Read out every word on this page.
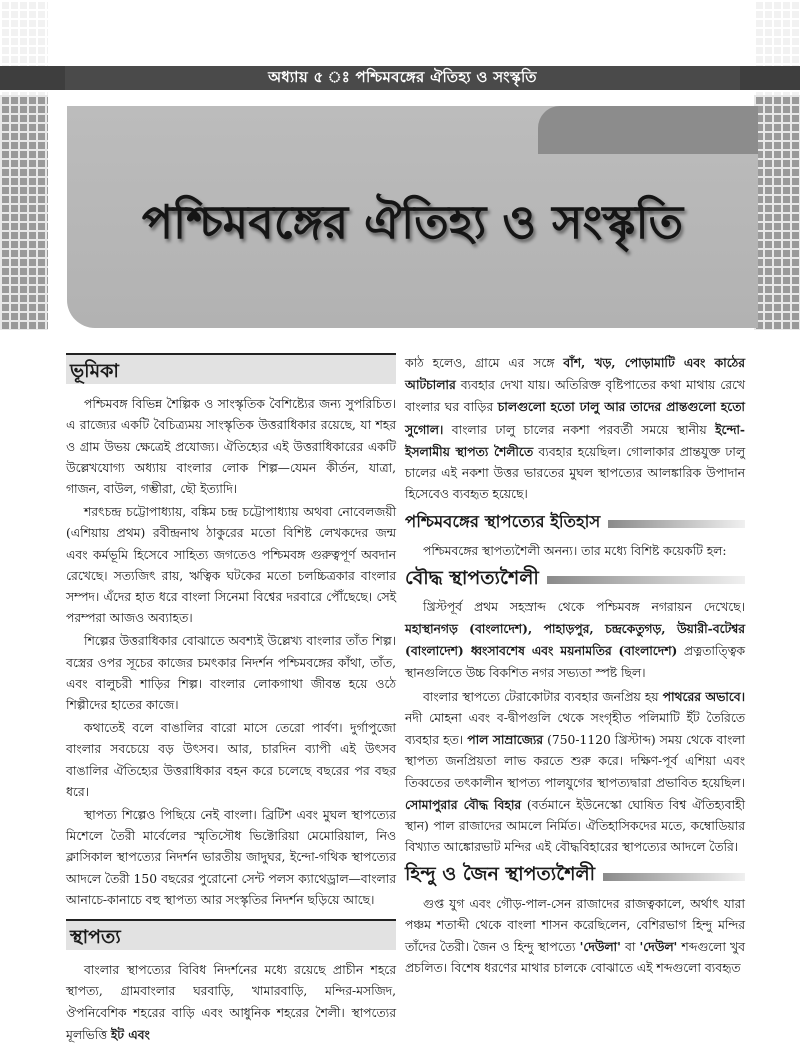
অধ্যায় ৫ ঃ পশ্চিমবঙ্গের ঐতিহ্য ও সংস্কৃতি
পশ্চিমবঙ্গের ঐতিহ্য ও সংস্কৃতি
ভূমিকা

পশ্চিমবঙ্গ বিভিন্ন শৈল্পিক ও সাংস্কৃতিক বৈশিষ্ট্যের জন্য সুপরিচিত। এ রাজ্যের একটি বৈচিত্র্যময় সাংস্কৃতিক উত্তরাধিকার রয়েছে, যা শহর ও গ্রাম উভয় ক্ষেত্রেই প্রযোজ্য। ঐতিহ্যের এই উত্তরাধিকারের একটি উল্লেখযোগ্য অধ্যায় বাংলার লোক শিল্প—যেমন কীর্তন, যাত্রা, গাজন, বাউল, গম্ভীরা, ছৌ ইত্যাদি।

শরৎচন্দ্র চট্টোপাধ্যায়, বঙ্কিম চন্দ্র চট্টোপাধ্যায় অথবা নোবেলজয়ী (এশিয়ায় প্রথম) রবীন্দ্রনাথ ঠাকুরের মতো বিশিষ্ট লেখকদের জন্ম এবং কর্মভূমি হিসেবে সাহিত্য জগতেও পশ্চিমবঙ্গ গুরুত্বপূর্ণ অবদান রেখেছে। সত্যজিৎ রায়, ঋত্বিক ঘটকের মতো চলচ্চিত্রকার বাংলার সম্পদ। এঁদের হাত ধরে বাংলা সিনেমা বিশ্বের দরবারে পৌঁছেছে। সেই পরম্পরা আজও অব্যাহত।

শিল্পের উত্তরাধিকার বোঝাতে অবশ্যই উল্লেখ্য বাংলার তাঁত শিল্প। বস্ত্রের ওপর সূচের কাজের চমৎকার নিদর্শন পশ্চিমবঙ্গের কাঁথা, তাঁত, এবং বালুচরী শাড়ির শিল্প। বাংলার লোকগাথা জীবন্ত হয়ে ওঠে শিল্পীদের হাতের কাজে।

কথাতেই বলে বাঙালির বারো মাসে তেরো পার্বণ। দুর্গাপুজো বাংলার সবচেয়ে বড় উৎসব। আর, চারদিন ব্যাপী এই উৎসব বাঙালির ঐতিহ্যের উত্তরাধিকার বহন করে চলেছে বছরের পর বছর ধরে।

স্থাপত্য শিল্পেও পিছিয়ে নেই বাংলা। ব্রিটিশ এবং মুঘল স্থাপত্যের মিশেলে তৈরী মার্বেলের স্মৃতিসৌধ ভিক্টোরিয়া মেমোরিয়াল, নিও ক্লাসিকাল স্থাপত্যের নিদর্শন ভারতীয় জাদুঘর, ইন্দো-গথিক স্থাপত্যের আদলে তৈরী 150 বছরের পুরোনো সেন্ট পলস ক্যাথেড্রাল—বাংলার আনাচে-কানাচে বহু স্থাপত্য আর সংস্কৃতির নিদর্শন ছড়িয়ে আছে।

স্থাপত্য

বাংলার স্থাপত্যের বিবিধ নিদর্শনের মধ্যে রয়েছে প্রাচীন শহরে স্থাপত্য, গ্রামবাংলার ঘরবাড়ি, খামারবাড়ি, মন্দির-মসজিদ, ঔপনিবেশিক শহরের বাড়ি এবং আধুনিক শহরের শৈলী। স্থাপত্যের মূলভিত্তি ইট এবং

কাঠ হলেও, গ্রামে এর সঙ্গে বাঁশ, খড়, পোড়ামাটি এবং কাঠের আটচালার ব্যবহার দেখা যায়। অতিরিক্ত বৃষ্টিপাতের কথা মাথায় রেখে বাংলার ঘর বাড়ির চালগুলো হতো ঢালু আর তাদের প্রান্তগুলো হতো সুগোল। বাংলার ঢালু চালের নকশা পরবর্তী সময়ে স্থানীয় ইন্দো-ইসলামীয় স্থাপত্য শৈলীতে ব্যবহার হয়েছিল। গোলাকার প্রান্তযুক্ত ঢালু চালের এই নকশা উত্তর ভারতের মুঘল স্থাপত্যের আলঙ্কারিক উপাদান হিসেবেও ব্যবহৃত হয়েছে।

পশ্চিমবঙ্গের স্থাপত্যের ইতিহাস

পশ্চিমবঙ্গের স্থাপত্যশৈলী অনন্য। তার মধ্যে বিশিষ্ট কয়েকটি হল:

বৌদ্ধ স্থাপত্যশৈলী

খ্রিস্টপূর্ব প্রথম সহস্রাব্দ থেকে পশ্চিমবঙ্গ নগরায়ন দেখেছে। মহাস্থানগড় (বাংলাদেশ), পাহাড়পুর, চন্দ্রকেতুগড়, উয়ারী-বটেশ্বর (বাংলাদেশ) ধ্বংসাবশেষ এবং ময়নামতির (বাংলাদেশ) প্রত্নতাত্ত্বিক স্থানগুলিতে উচ্চ বিকশিত নগর সভ্যতা স্পষ্ট ছিল।

বাংলার স্থাপত্যে টেরাকোটার ব্যবহার জনপ্রিয় হয় পাথরের অভাবে। নদী মোহনা এবং ব-দ্বীপগুলি থেকে সংগৃহীত পলিমাটি ইঁট তৈরিতে ব্যবহার হত। পাল সাম্রাজ্যের (750-1120 খ্রিস্টাব্দ) সময় থেকে বাংলা স্থাপত্য জনপ্রিয়তা লাভ করতে শুরু করে। দক্ষিণ-পূর্ব এশিয়া এবং তিব্বতের তৎকালীন স্থাপত্য পালযুগের স্থাপত্যদ্বারা প্রভাবিত হয়েছিল। সোমাপুরার বৌদ্ধ বিহার (বর্তমানে ইউনেস্কো ঘোষিত বিশ্ব ঐতিহ্যবাহী স্থান) পাল রাজাদের আমলে নির্মিত। ঐতিহাসিকদের মতে, কম্বোডিয়ার বিখ্যাত আঙ্কোরভাট মন্দির এই বৌদ্ধবিহারের স্থাপত্যের আদলে তৈরি।

হিন্দু ও জৈন স্থাপত্যশৈলী

গুপ্ত যুগ এবং গৌড়-পাল-সেন রাজাদের রাজত্বকালে, অর্থাৎ যারা পঞ্চম শতাব্দী থেকে বাংলা শাসন করেছিলেন, বেশিরভাগ হিন্দু মন্দির তাঁদের তৈরী। জৈন ও হিন্দু স্থাপত্যে 'দেউলা' বা 'দেউল' শব্দগুলো খুব প্রচলিত। বিশেষ ধরণের মাথার চালকে বোঝাতে এই শব্দগুলো ব্যবহৃত
